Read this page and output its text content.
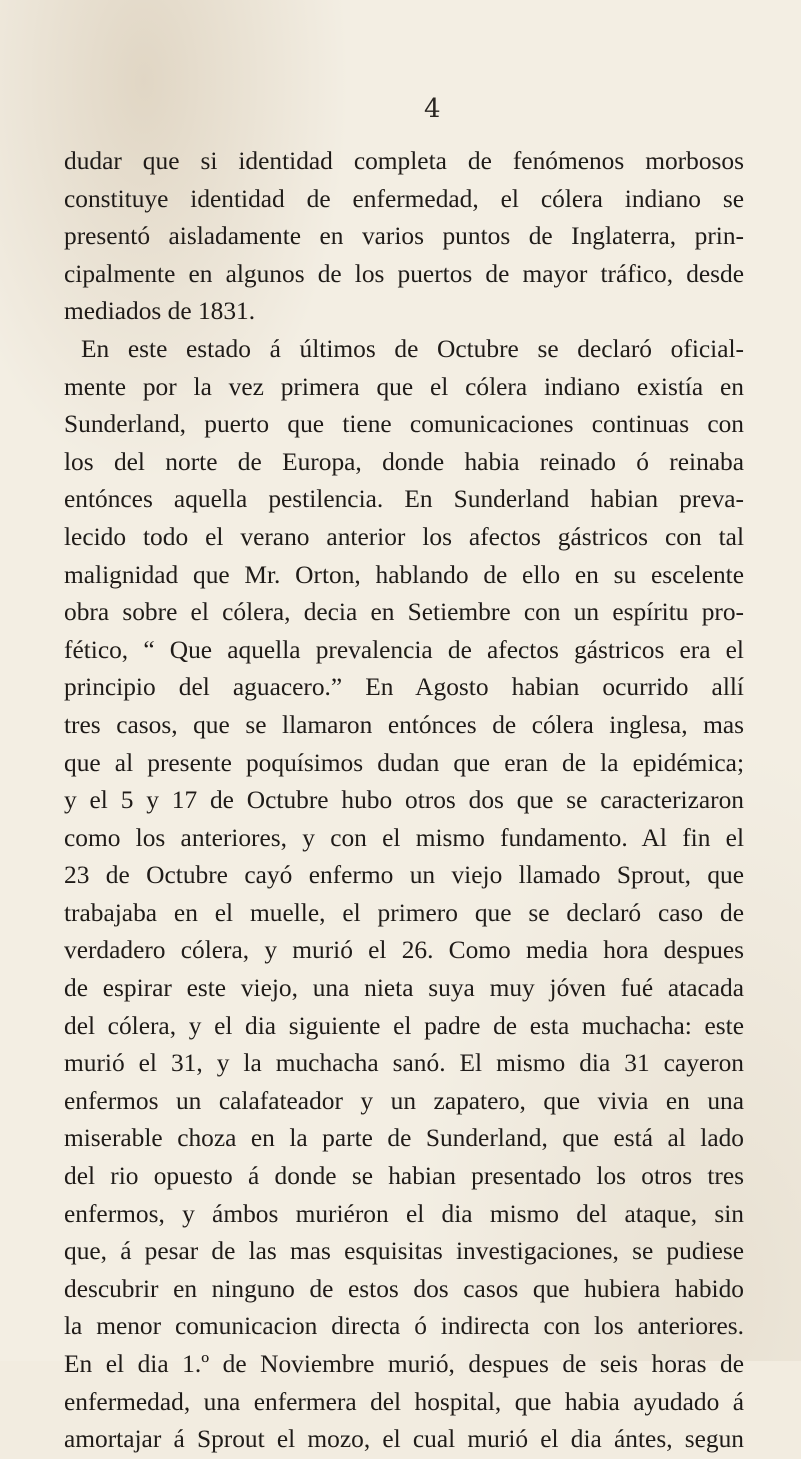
4
dudar que si identidad completa de fenómenos morbosos
constituye identidad de enfermedad, el cólera indiano se
presentó aisladamente en varios puntos de Inglaterra, prin-
cipalmente en algunos de los puertos de mayor tráfico, desde
mediados de 1831.
En este estado á últimos de Octubre se declaró oficial-
mente por la vez primera que el cólera indiano existía en
Sunderland, puerto que tiene comunicaciones continuas con
los del norte de Europa, donde habia reinado ó reinaba
entónces aquella pestilencia. En Sunderland habian preva-
lecido todo el verano anterior los afectos gástricos con tal
malignidad que Mr. Orton, hablando de ello en su escelente
obra sobre el cólera, decia en Setiembre con un espíritu pro-
fético, “ Que aquella prevalencia de afectos gástricos era el
principio del aguacero.” En Agosto habian ocurrido allí
tres casos, que se llamaron entónces de cólera inglesa, mas
que al presente poquísimos dudan que eran de la epidémica;
y el 5 y 17 de Octubre hubo otros dos que se caracterizaron
como los anteriores, y con el mismo fundamento. Al fin el
23 de Octubre cayó enfermo un viejo llamado Sprout, que
trabajaba en el muelle, el primero que se declaró caso de
verdadero cólera, y murió el 26. Como media hora despues
de espirar este viejo, una nieta suya muy jóven fué atacada
del cólera, y el dia siguiente el padre de esta muchacha: este
murió el 31, y la muchacha sanó. El mismo dia 31 cayeron
enfermos un calafateador y un zapatero, que vivia en una
miserable choza en la parte de Sunderland, que está al lado
del rio opuesto á donde se habian presentado los otros tres
enfermos, y ámbos muriéron el dia mismo del ataque, sin
que, á pesar de las mas esquisitas investigaciones, se pudiese
descubrir en ninguno de estos dos casos que hubiera habido
la menor comunicacion directa ó indirecta con los anteriores.
En el dia 1.º de Noviembre murió, despues de seis horas de
enfermedad, una enfermera del hospital, que habia ayudado á
amortajar á Sprout el mozo, el cual murió el dia ántes, segun
